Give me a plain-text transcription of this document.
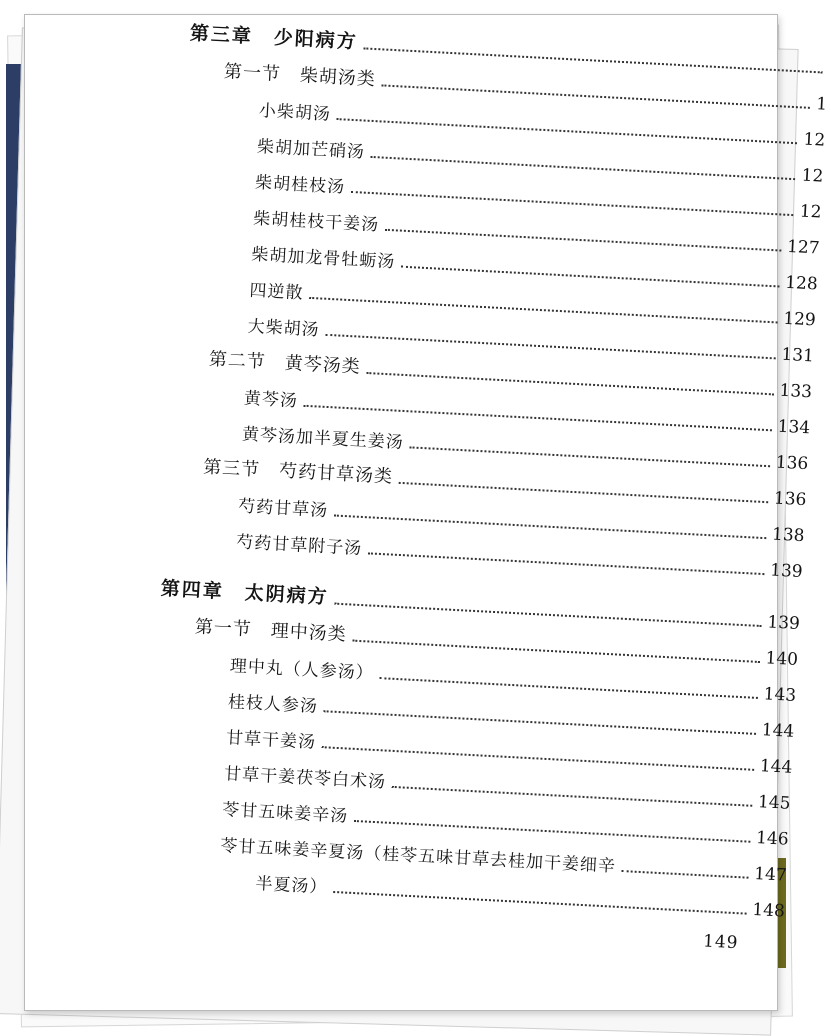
第三章　少阳病方
第一节　柴胡汤类
1
小柴胡汤
12
柴胡加芒硝汤
12
柴胡桂枝汤
12
柴胡桂枝干姜汤
127
柴胡加龙骨牡蛎汤
128
四逆散
129
大柴胡汤
131
第二节　黄芩汤类
133
黄芩汤
134
黄芩汤加半夏生姜汤
136
第三节　芍药甘草汤类
136
芍药甘草汤
138
芍药甘草附子汤
139
第四章　太阴病方
139
第一节　理中汤类
140
理中丸（人参汤）
143
桂枝人参汤
144
甘草干姜汤
144
甘草干姜茯苓白术汤
145
苓甘五味姜辛汤
146
苓甘五味姜辛夏汤（桂苓五味甘草去桂加干姜细辛	147
半夏汤）
148
149
